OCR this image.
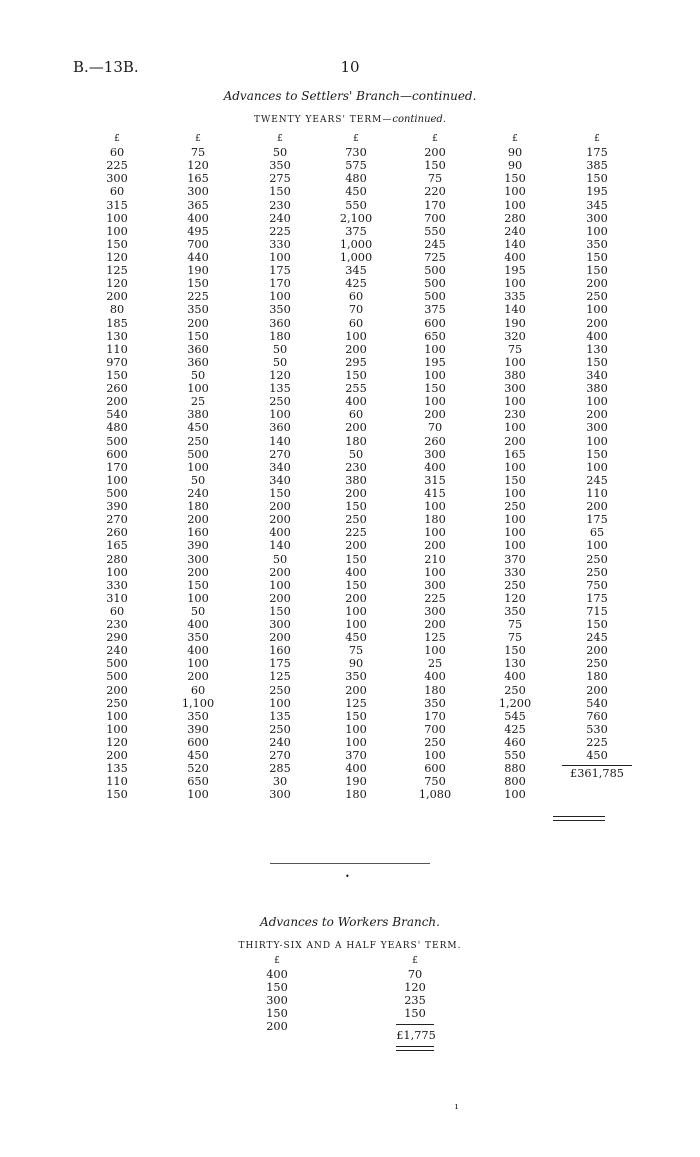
B.—13B.	10
Advances to Settlers' Branch—continued.
TWENTY YEARS' TERM—continued.
£
60
225
300
60
315
100
100
150
120
125
120
200
80
185
130
110
970
150
260
200
540
480
500
600
170
100
500
390
270
260
165
280
100
330
310
60
230
290
240
500
500
200
250
100
100
120
200
135
110
150
£
75
120
165
300
365
400
495
700
440
190
150
225
350
200
150
360
360
50
100
25
380
450
250
500
100
50
240
180
200
160
390
300
200
150
100
50
400
350
400
100
200
60
1,100
350
390
600
450
520
650
100
£
50
350
275
150
230
240
225
330
100
175
170
100
350
360
180
50
50
120
135
250
100
360
140
270
340
340
150
200
200
400
140
50
200
100
200
150
300
200
160
175
125
250
100
135
250
240
270
285
30
300
£
730
575
480
450
550
2,100
375
1,000
1,000
345
425
60
70
60
100
200
295
150
255
400
60
200
180
50
230
380
200
150
250
225
200
150
400
150
200
100
100
450
75
90
350
200
125
150
100
100
370
400
190
180
£
200
150
75
220
170
700
550
245
725
500
500
500
375
600
650
100
195
100
150
100
200
70
260
300
400
315
415
100
180
100
200
210
100
300
225
300
200
125
100
25
400
180
350
170
700
250
100
600
750
1,080
£
90
90
150
100
100
280
240
140
400
195
100
335
140
190
320
75
100
380
300
100
230
100
200
165
100
150
100
250
100
100
100
370
330
250
120
350
75
75
150
130
400
250
1,200
545
425
460
550
880
800
100
£
175
385
150
195
345
300
100
350
150
150
200
250
100
200
400
130
150
340
380
100
200
300
100
150
100
245
110
200
175
65
100
250
250
750
175
715
150
245
200
250
180
200
540
760
530
225
450
£361,785
•
Advances to Workers Branch.
THIRTY-SIX AND A HALF YEARS' TERM.
£
400
150
300
150
200
£
70
120
235
150
£1,775
ı
